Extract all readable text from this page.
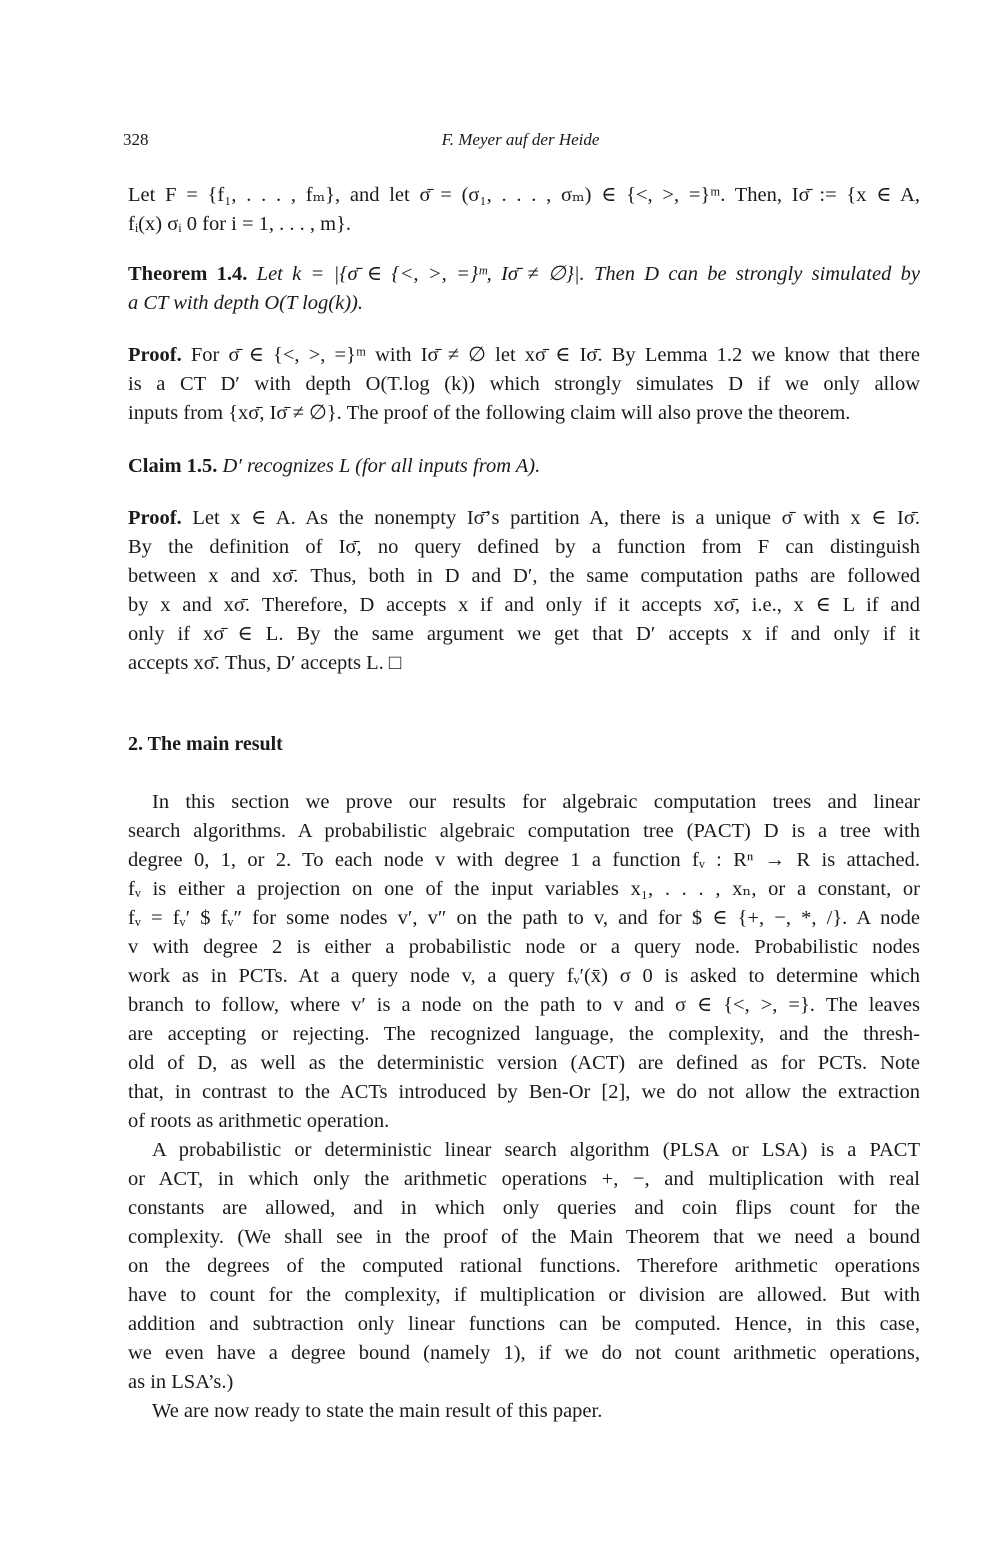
328	F. Meyer auf der Heide
Let F = {f₁, . . . , fₘ}, and let σ̄ = (σ₁, . . . , σₘ) ∈ {<, >, =}ᵐ. Then, Iσ̄ := {x ∈ A,
fᵢ(x) σᵢ 0 for i = 1, . . . , m}.
Theorem 1.4. Let k = |{σ̄ ∈ {<, >, =}ᵐ, Iσ̄ ≠ ∅}|. Then D can be strongly simulated by
a CT with depth O(T log(k)).
Proof. For σ̄ ∈ {<, >, =}ᵐ with Iσ̄ ≠ ∅ let xσ̄ ∈ Iσ̄. By Lemma 1.2 we know that there
is a CT D′ with depth O(T.log (k)) which strongly simulates D if we only allow
inputs from {xσ̄, Iσ̄ ≠ ∅}. The proof of the following claim will also prove the theorem.
Claim 1.5. D′ recognizes L (for all inputs from A).
Proof. Let x ∈ A. As the nonempty Iσ̄’s partition A, there is a unique σ̄ with x ∈ Iσ̄.
By the definition of Iσ̄, no query defined by a function from F can distinguish
between x and xσ̄. Thus, both in D and D′, the same computation paths are followed
by x and xσ̄. Therefore, D accepts x if and only if it accepts xσ̄, i.e., x ∈ L if and
only if xσ̄ ∈ L. By the same argument we get that D′ accepts x if and only if it
accepts xσ̄. Thus, D′ accepts L. □
2. The main result
In this section we prove our results for algebraic computation trees and linear
search algorithms. A probabilistic algebraic computation tree (PACT) D is a tree with
degree 0, 1, or 2. To each node v with degree 1 a function fᵥ : Rⁿ → R is attached.
fᵥ is either a projection on one of the input variables x₁, . . . , xₙ, or a constant, or
fᵥ = fᵥ′ $ fᵥ″ for some nodes v′, v″ on the path to v, and for $ ∈ {+, −, *, /}. A node
v with degree 2 is either a probabilistic node or a query node. Probabilistic nodes
work as in PCTs. At a query node v, a query fᵥ′(x̄) σ 0 is asked to determine which
branch to follow, where v′ is a node on the path to v and σ ∈ {<, >, =}. The leaves
are accepting or rejecting. The recognized language, the complexity, and the thresh-
old of D, as well as the deterministic version (ACT) are defined as for PCTs. Note
that, in contrast to the ACTs introduced by Ben-Or [2], we do not allow the extraction
of roots as arithmetic operation.
A probabilistic or deterministic linear search algorithm (PLSA or LSA) is a PACT
or ACT, in which only the arithmetic operations +, −, and multiplication with real
constants are allowed, and in which only queries and coin flips count for the
complexity. (We shall see in the proof of the Main Theorem that we need a bound
on the degrees of the computed rational functions. Therefore arithmetic operations
have to count for the complexity, if multiplication or division are allowed. But with
addition and subtraction only linear functions can be computed. Hence, in this case,
we even have a degree bound (namely 1), if we do not count arithmetic operations,
as in LSA’s.)
We are now ready to state the main result of this paper.
